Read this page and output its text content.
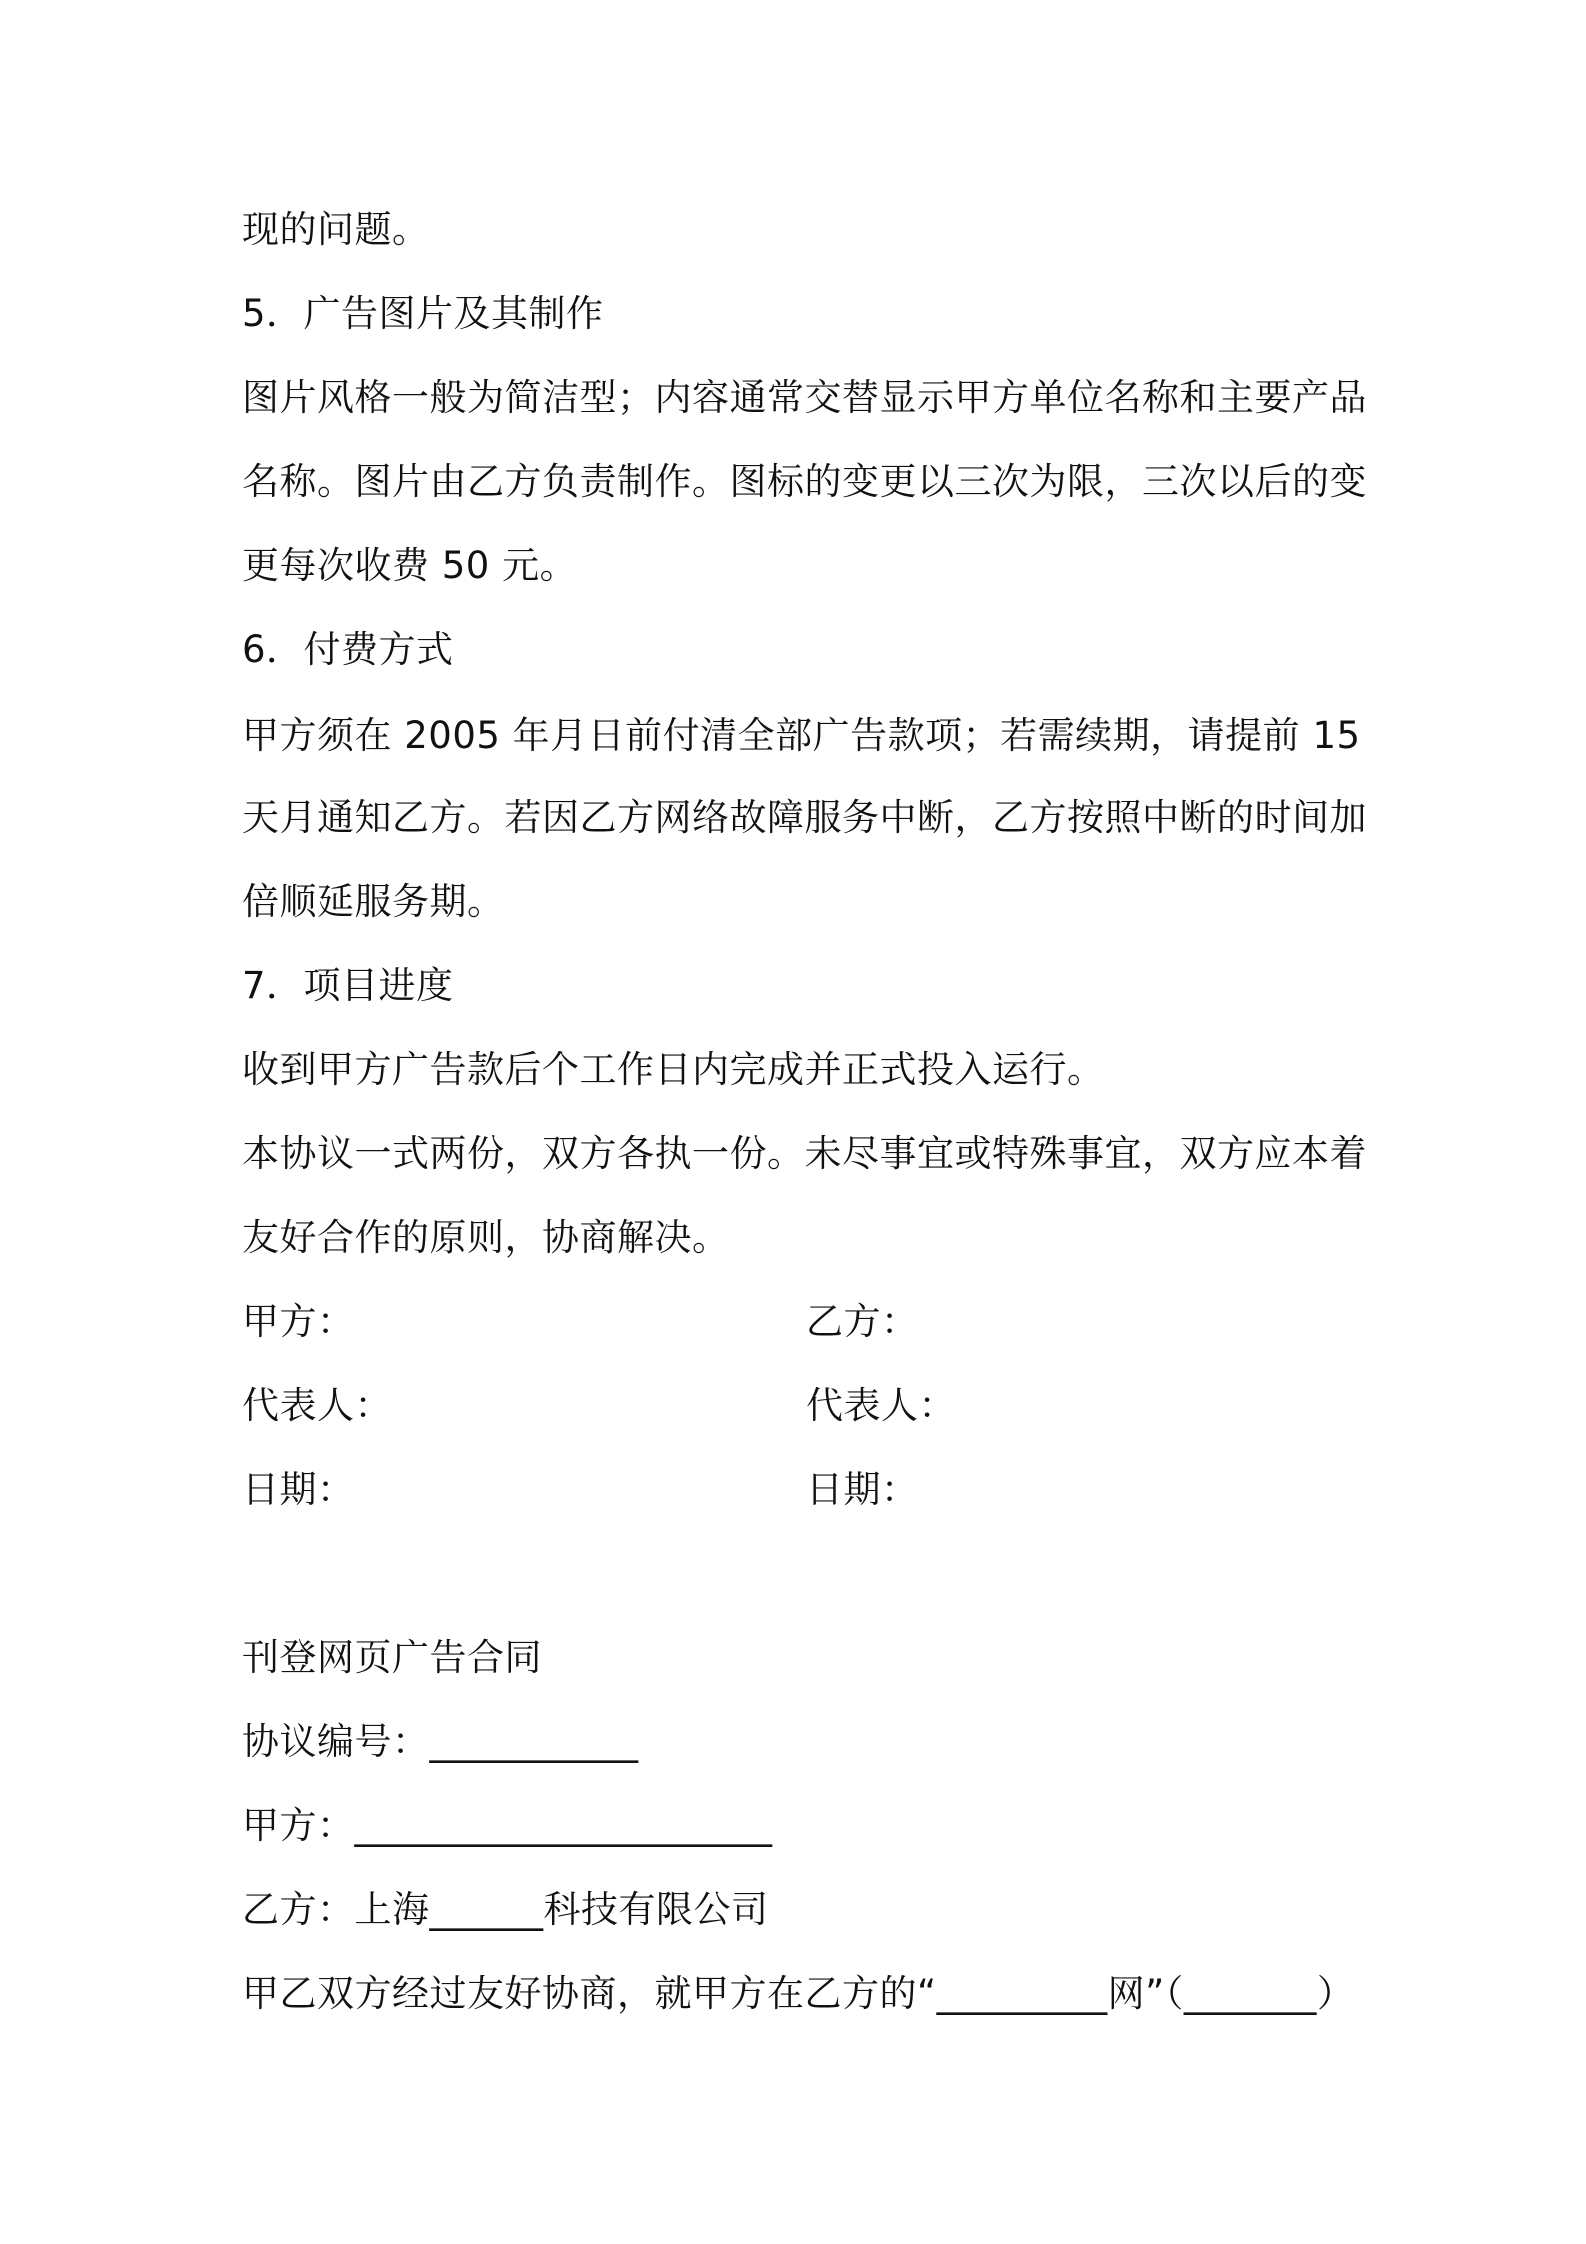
现的问题。
5．广告图片及其制作
图片风格一般为简洁型；内容通常交替显示甲方单位名称和主要产品
名称。图片由乙方负责制作。图标的变更以三次为限，三次以后的变
更每次收费 50 元。
6．付费方式
甲方须在 2005 年月日前付清全部广告款项；若需续期，请提前 15
天月通知乙方。若因乙方网络故障服务中断，乙方按照中断的时间加
倍顺延服务期。
7．项目进度
收到甲方广告款后个工作日内完成并正式投入运行。
本协议一式两份，双方各执一份。未尽事宜或特殊事宜，双方应本着
友好合作的原则，协商解决。
甲方：	乙方：
代表人：	代表人：
日期：	日期：
刊登网页广告合同
协议编号：___________
甲方：______________________
乙方：上海______科技有限公司
甲乙双方经过友好协商，就甲方在乙方的“_________网”（_______）
